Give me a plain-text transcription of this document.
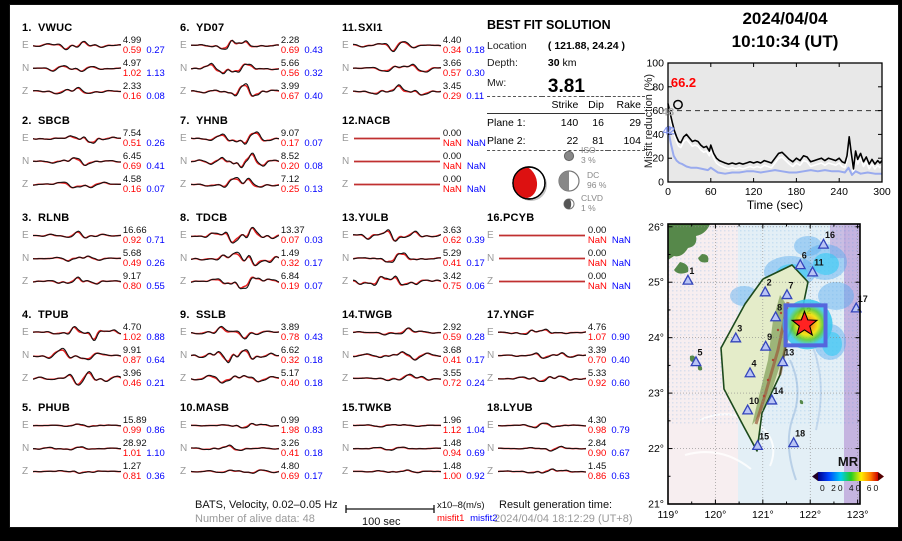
1. VWUC
E	4.99
0.59 0.27
N	4.97
1.02 1.13
Z	2.33
0.16 0.08
2. SBCB
E	7.54
0.51 0.26
N	6.45
0.69 0.41
Z	4.58
0.16 0.07
3. RLNB
E	16.66
0.92 0.71
N	5.68
0.49 0.26
Z	9.17
0.80 0.55
4. TPUB
E	4.70
1.02 0.88
N	9.91
0.87 0.64
Z	3.96
0.46 0.21
5. PHUB
E	15.89
0.99 0.86
N	28.92
1.01 1.10
Z	1.27
0.81 0.36
6. YD07
E	2.28
0.69 0.43
N	5.66
0.56 0.32
Z	3.99
0.67 0.40
7. YHNB
E	9.07
0.17 0.07
N	8.52
0.20 0.08
Z	7.12
0.25 0.13
8. TDCB
E	13.37
0.07 0.03
N	1.49
0.32 0.17
Z	6.84
0.19 0.07
9. SSLB
E	3.89
0.78 0.43
N	6.62
0.32 0.18
Z	5.17
0.40 0.18
10.MASB
E	0.99
1.98 0.83
N	3.26
0.41 0.18
Z	4.80
0.69 0.17
11.SXI1
E	4.40
0.34 0.18
N	3.66
0.57 0.30
Z	3.45
0.29 0.11
12.NACB
E	0.00
NaN NaN
N	0.00
NaN NaN
Z	0.00
NaN NaN
13.YULB
E	3.63
0.62 0.39
N	5.29
0.41 0.17
Z	3.42
0.75 0.06
14.TWGB
E	2.92
0.59 0.28
N	3.68
0.41 0.17
Z	3.55
0.72 0.24
15.TWKB
E	1.96
1.12 1.04
N	1.48
0.94 0.69
Z	1.48
1.00 0.92
16.PCYB
E	0.00
NaN NaN
N	0.00
NaN NaN
Z	0.00
NaN NaN
17.YNGF
E	4.76
1.07 0.90
N	3.39
0.70 0.40
Z	5.33
0.92 0.60
18.LYUB
E	4.30
0.98 0.79
N	2.84
0.90 0.67
Z	1.45
0.86 0.63
BEST FIT SOLUTION
Location ( 121.88, 24.24 )
Depth:	30 km
Mw: 3.81
	Strike	Dip	Rake
Plane 1:	140	16	29
Plane 2:	22	81	104
ISO
3 %
DC
96 %
CLVD
1 %
2024/04/04
10:10:34 (UT)
Misfit reduction (%)
0	60	120 180 240 300
0
20
40
60
80
100
Time (sec)
66.2
48
42
1
2
3
4
5
6
7
8
9
10
11
13
14
15
16
17
18
119° 120° 121° 122° 123°
21°
22°
23°
24°
25°
26°
MR
0 20 40 60
BATS, Velocity, 0.02–0.05 Hz
Number of alive data: 48	100 sec
x10–8(m/s)
misfit1 misfit2
Result generation time:
2024/04/04 18:12:29 (UT+8)
